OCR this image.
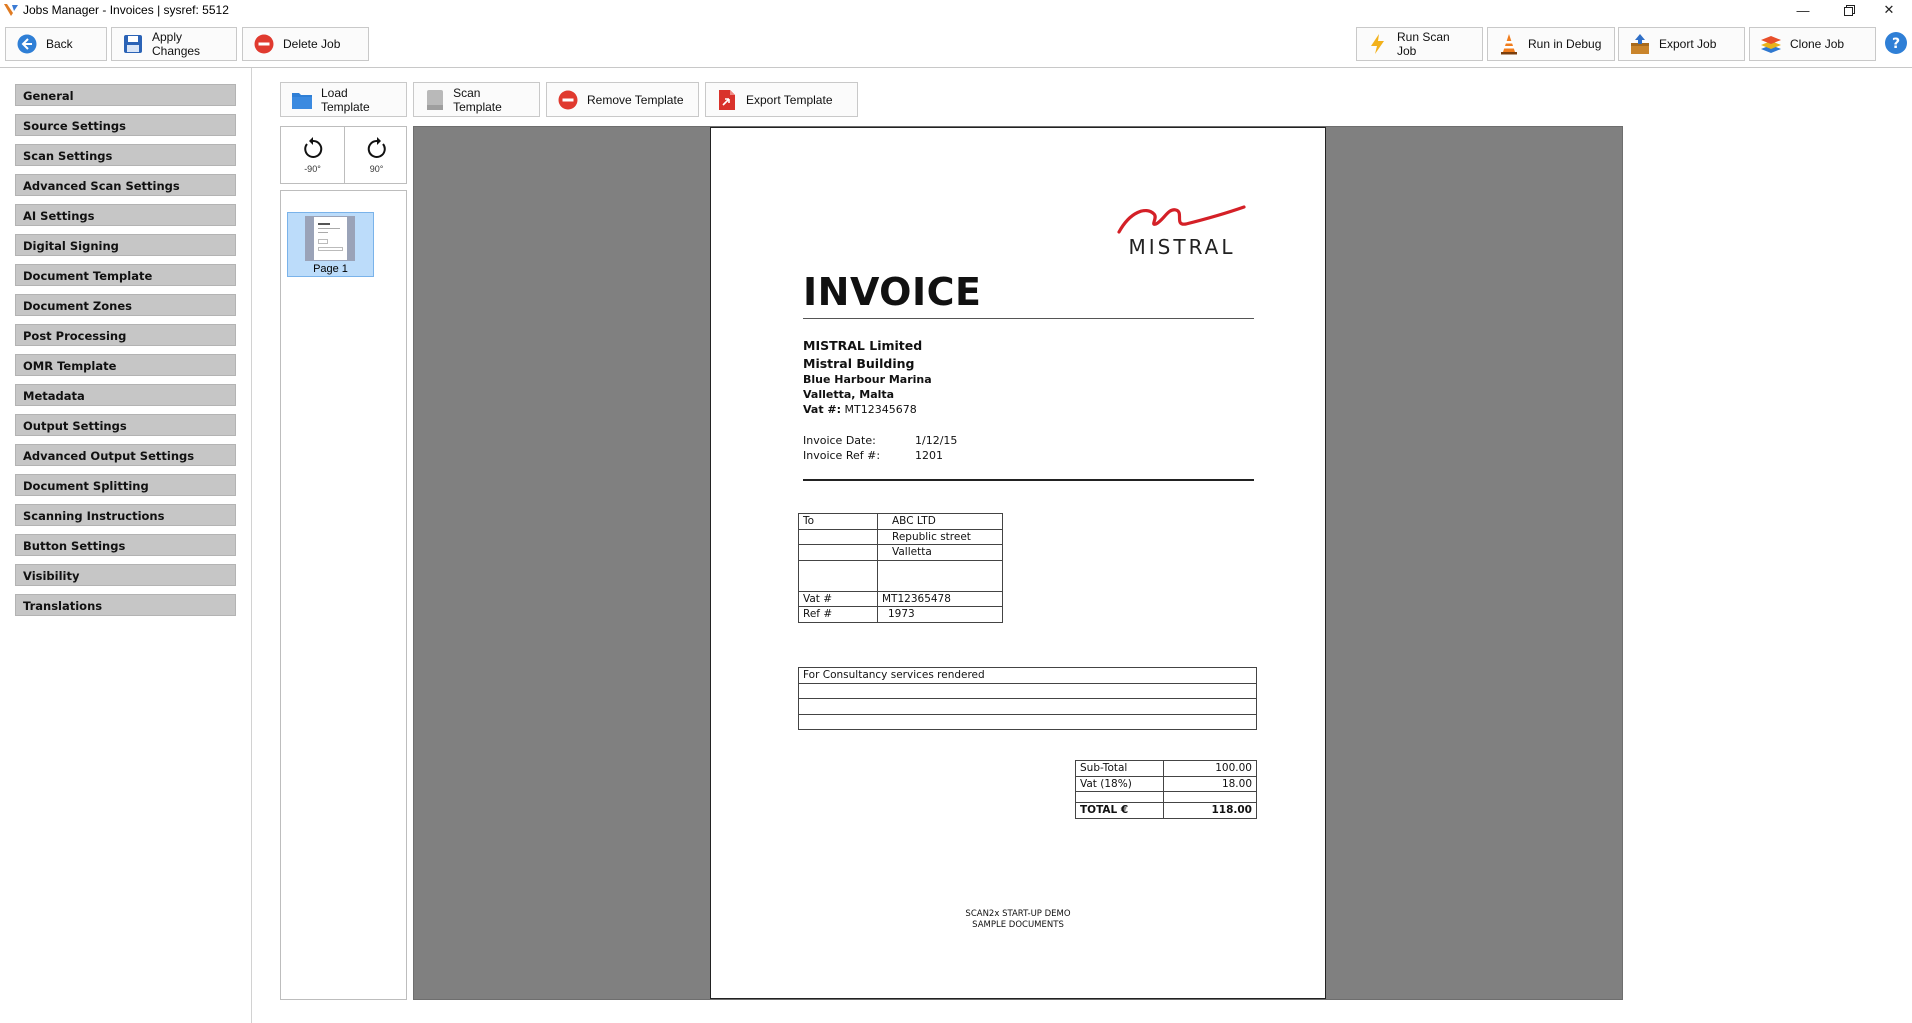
Jobs Manager - Invoices | sysref: 5512	—	✕
Back	Apply Changes	Delete Job	Run Scan Job	Run in Debug	Export Job	Clone Job	?
General
Source Settings
Scan Settings
Advanced Scan Settings
AI Settings
Digital Signing
Document Template
Document Zones
Post Processing
OMR Template
Metadata
Output Settings
Advanced Output Settings
Document Splitting
Scanning Instructions
Button Settings
Visibility
Translations
Load Template
Scan Template	Remove Template	Export Template
-90°	90°
Page 1
MISTRAL
INVOICE
MISTRAL Limited
Mistral Building
Blue Harbour Marina
Valletta, Malta
Vat #: MT12345678
Invoice Date:	1/12/15
Invoice Ref #:	1201
To	ABC LTD
	Republic street
	Valletta

Vat #	MT12365478
Ref #	1973
For Consultancy services rendered

Sub-Total	100.00
Vat (18%)	18.00

TOTAL €	118.00
SCAN2x START-UP DEMO
SAMPLE DOCUMENTS
